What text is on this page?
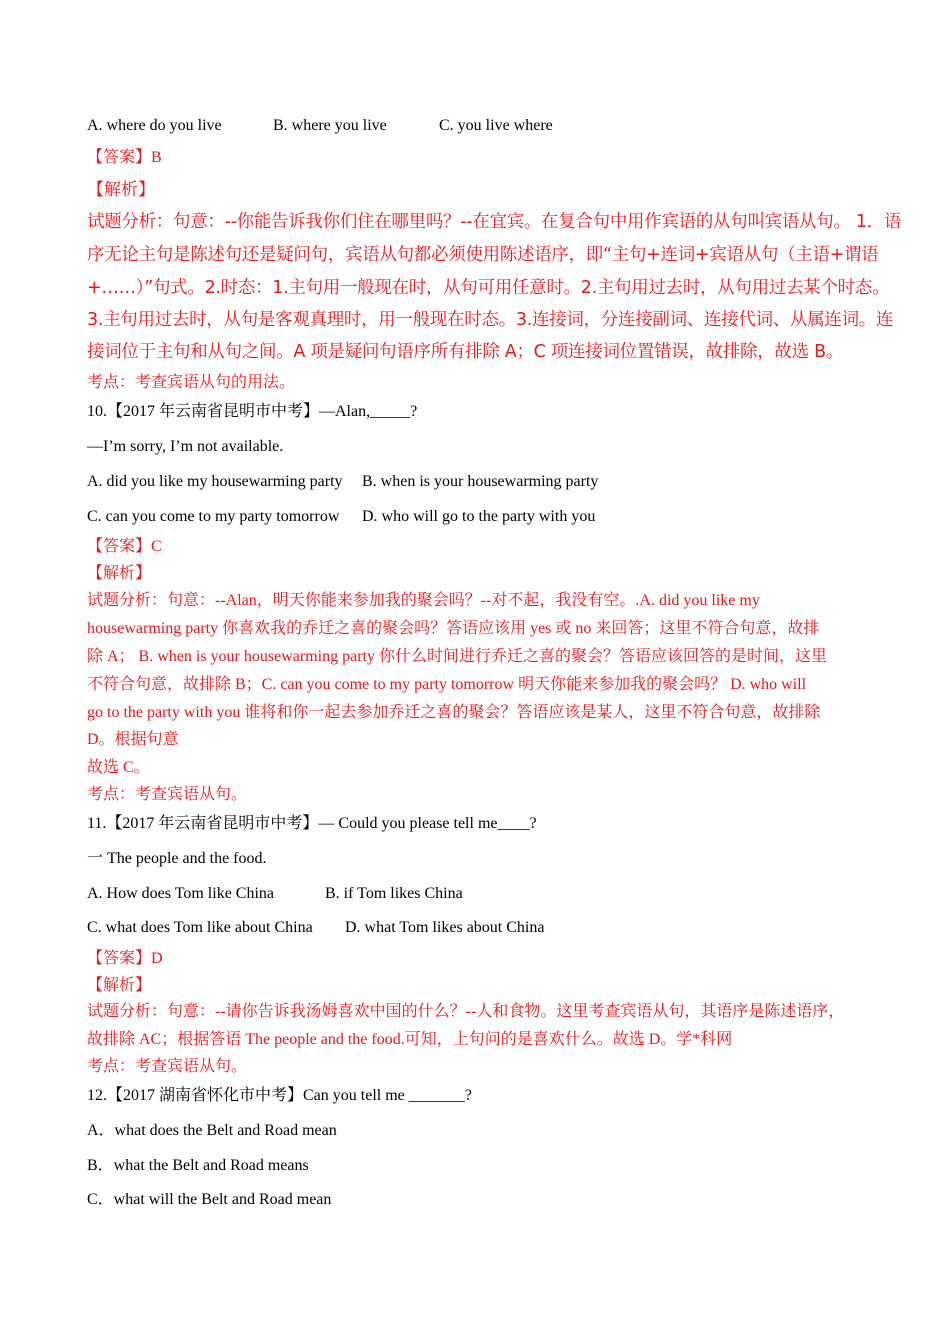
A. where do you live	B. where you live	C. you live where
【答案】B
【解析】
试题分析：句意：--你能告诉我你们住在哪里吗？--在宜宾。在复合句中用作宾语的从句叫宾语从句。 1．语
序无论主句是陈述句还是疑问句，宾语从句都必须使用陈述语序，即“主句+连词+宾语从句（主语+谓语
+……）”句式。2.时态：1.主句用一般现在时，从句可用任意时。2.主句用过去时，从句用过去某个时态。
3.主句用过去时，从句是客观真理时，用一般现在时态。3.连接词，分连接副词、连接代词、从属连词。连
接词位于主句和从句之间。A 项是疑问句语序所有排除 A；C 项连接词位置错误，故排除，故选 B。
考点：考查宾语从句的用法。
10.【2017 年云南省昆明市中考】—Alan,_____?
—I’m sorry, I’m not available.
A. did you like my housewarming party B. when is your housewarming party
C. can you come to my party tomorrow D. who will go to the party with you
【答案】C
【解析】
试题分析：句意：--Alan，明天你能来参加我的聚会吗？--对不起，我没有空。.A. did you like my
housewarming party 你喜欢我的乔迁之喜的聚会吗？答语应该用 yes 或 no 来回答；这里不符合句意，故排
除 A； B. when is your housewarming party 你什么时间进行乔迁之喜的聚会？答语应该回答的是时间，这里
不符合句意，故排除 B；C. can you come to my party tomorrow 明天你能来参加我的聚会吗？ D. who will
go to the party with you 谁将和你一起去参加乔迁之喜的聚会？答语应该是某人，这里不符合句意，故排除
D。根据句意
故选 C。
考点：考查宾语从句。
11.【2017 年云南省昆明市中考】— Could you please tell me____?
一 The people and the food.
A. How does Tom like China	B. if Tom likes China
C. what does Tom like about China D. what Tom likes about China
【答案】D
【解析】
试题分析：句意：--请你告诉我汤姆喜欢中国的什么？--人和食物。这里考查宾语从句，其语序是陈述语序，
故排除 AC；根据答语 The people and the food.可知，上句问的是喜欢什么。故选 D。学*科网
考点：考查宾语从句。
12.【2017 湖南省怀化市中考】Can you tell me _______?
A．what does the Belt and Road mean
B．what the Belt and Road means
C．what will the Belt and Road mean
